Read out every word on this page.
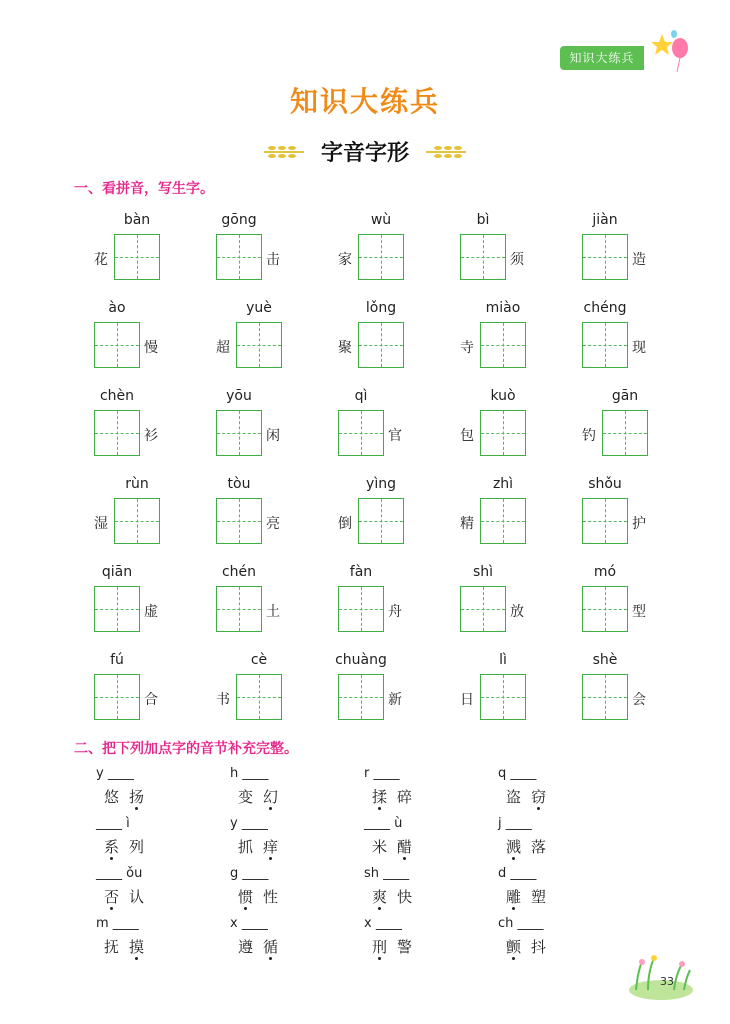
知识大练兵
知识大练兵
字音字形
一、看拼音，写生字。
bàn
花
gōng
击
wù
家
bì
须
jiàn
造
ào
慢
yuè
超
lǒng
聚
miào
寺
chéng
现
chèn
衫
yōu
闲
qì
官
kuò
包
gān
钓
rùn
湿
tòu
亮
yìng
倒
zhì
精
shǒu
护
qiān
虚
chén
土
fàn
舟
shì
放
mó
型
fú
合
cè
书
chuàng
新
lì
日
shè
会
二、把下列加点字的音节补充完整。
y ____
悠扬
h ____
变幻
r ____
揉碎
q ____
盗窃
____ ì
系列
y ____
抓痒
____ ù
米醋
j ____
溅落
____ ǒu
否认
g ____
惯性
sh ____
爽快
d ____
雕塑
m ____
抚摸
x ____
遵循
x ____
刑警
ch ____
颤抖
33
